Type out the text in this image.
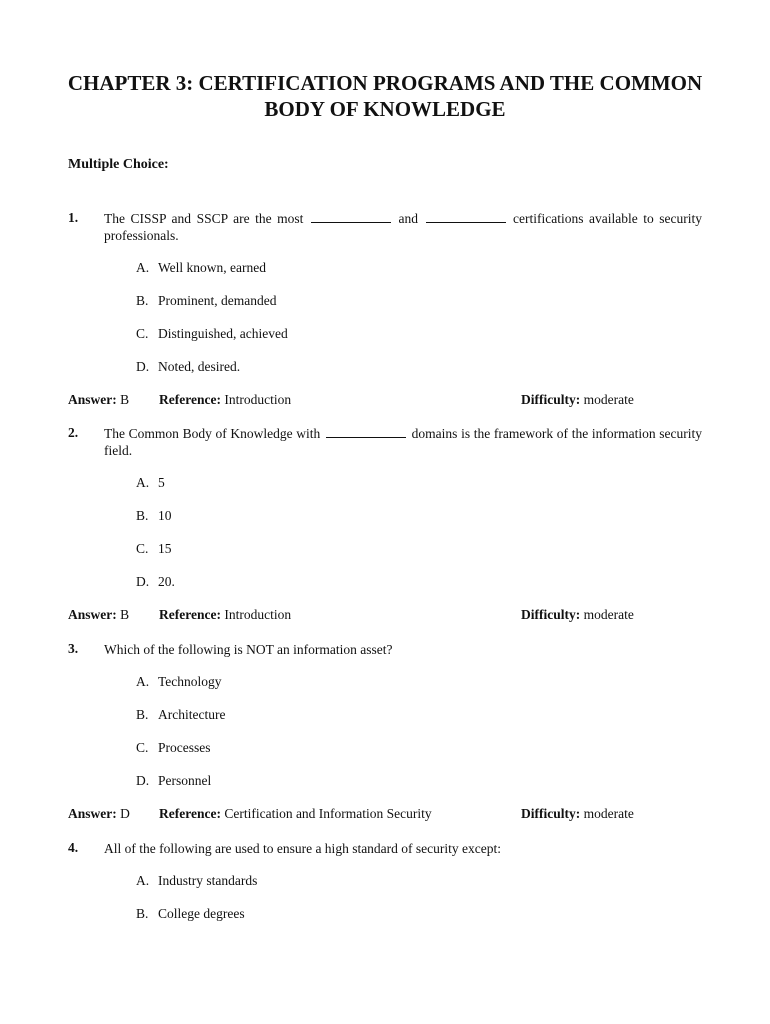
CHAPTER 3: CERTIFICATION PROGRAMS AND THE COMMON
BODY OF KNOWLEDGE
Multiple Choice:
1. The CISSP and SSCP are the most	and	certifications available to security professionals.
A. Well known, earned
B. Prominent, demanded
C. Distinguished, achieved
D. Noted, desired.
Answer: B Reference: Introduction	Difficulty: moderate
2. The Common Body of Knowledge with	domains is the framework of the information security field.
A. 5
B. 10
C. 15
D. 20.
Answer: B Reference: Introduction	Difficulty: moderate
3. Which of the following is NOT an information asset?
A. Technology
B. Architecture
C. Processes
D. Personnel
Answer: D Reference: Certification and Information Security	Difficulty: moderate
4. All of the following are used to ensure a high standard of security except:
A. Industry standards
B. College degrees
